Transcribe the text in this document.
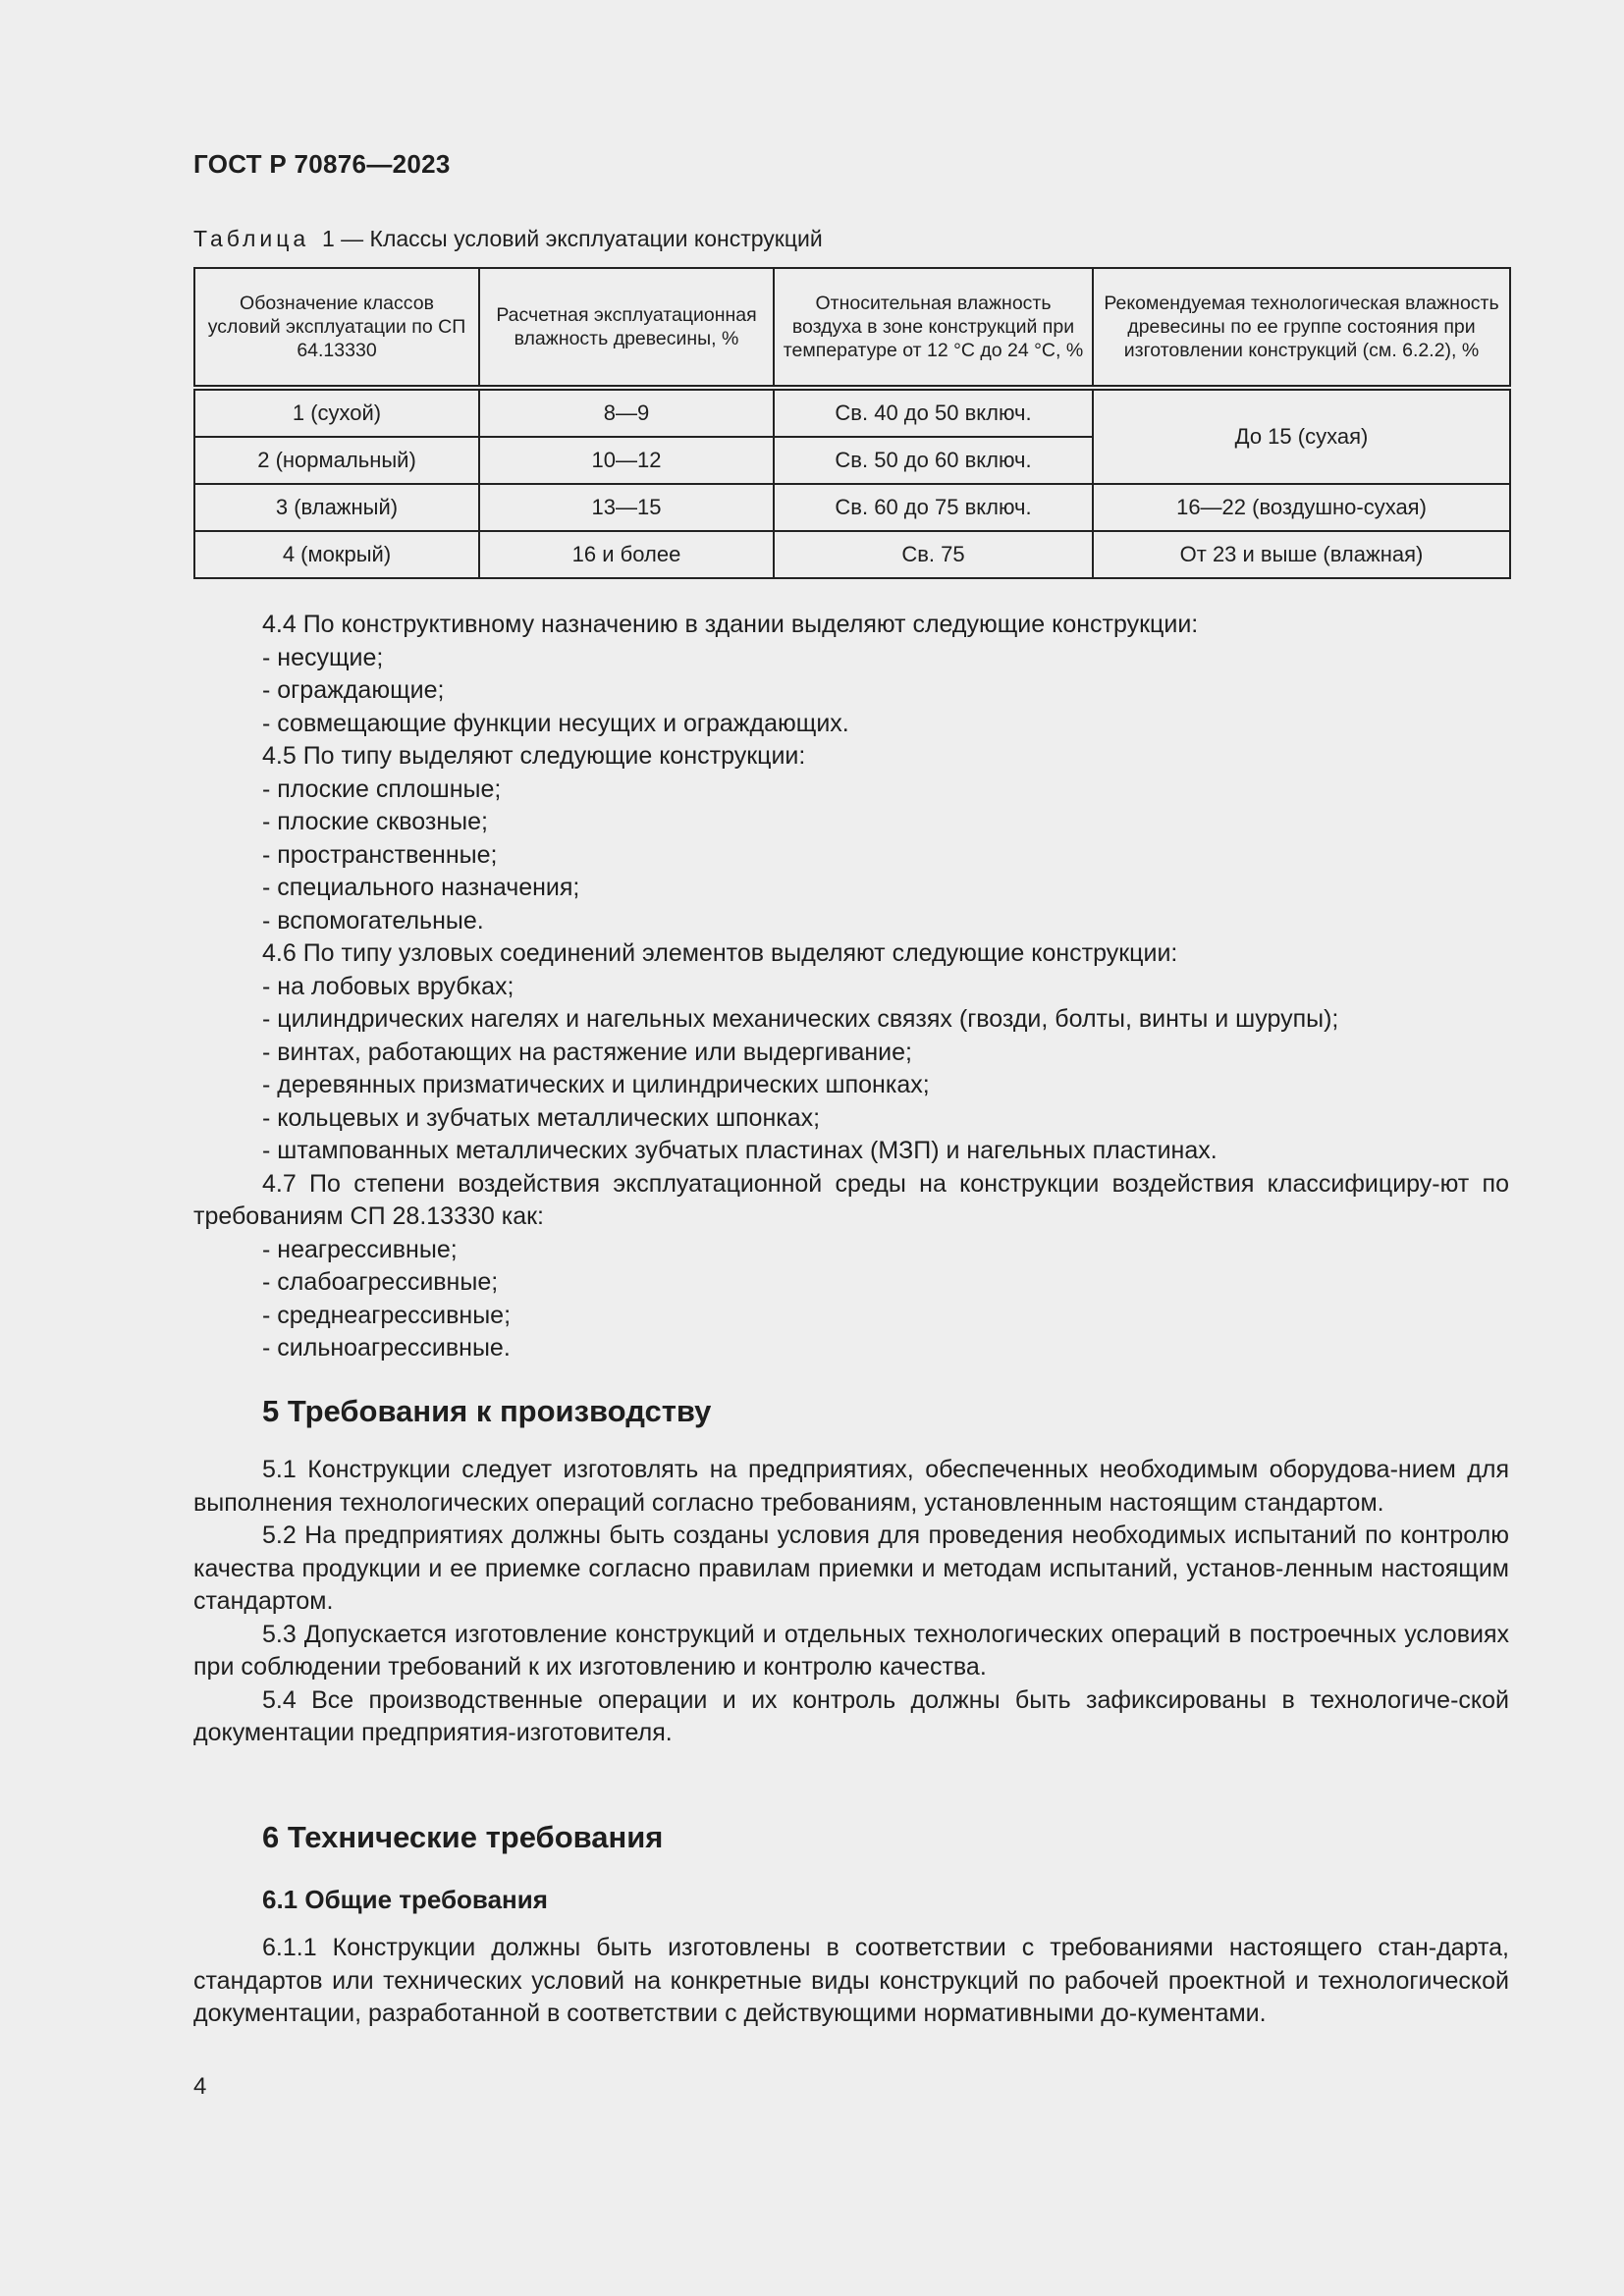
ГОСТ Р 70876—2023
Таблица 1 — Классы условий эксплуатации конструкций
Обозначение классов условий эксплуатации по СП 64.13330	Расчетная эксплуатационная влажность древесины, %	Относительная влажность воздуха в зоне конструкций при температуре от 12 °С до 24 °С, %	Рекомендуемая технологическая влажность древесины по ее группе состояния при изготовлении конструкций (см. 6.2.2), %
1 (сухой)	8—9	Св. 40 до 50 включ.	До 15 (сухая)
2 (нормальный)	10—12	Св. 50 до 60 включ.	
3 (влажный)	13—15	Св. 60 до 75 включ.	16—22 (воздушно-сухая)
4 (мокрый)	16 и более	Св. 75	От 23 и выше (влажная)

4.4 По конструктивному назначению в здании выделяют следующие конструкции:

- несущие;

- ограждающие;

- совмещающие функции несущих и ограждающих.

4.5 По типу выделяют следующие конструкции:

- плоские сплошные;

- плоские сквозные;

- пространственные;

- специального назначения;

- вспомогательные.

4.6 По типу узловых соединений элементов выделяют следующие конструкции:

- на лобовых врубках;

- цилиндрических нагелях и нагельных механических связях (гвозди, болты, винты и шурупы);

- винтах, работающих на растяжение или выдергивание;

- деревянных призматических и цилиндрических шпонках;

- кольцевых и зубчатых металлических шпонках;

- штампованных металлических зубчатых пластинах (МЗП) и нагельных пластинах.

4.7 По степени воздействия эксплуатационной среды на конструкции воздействия классифициру-ют по требованиям СП 28.13330 как:

- неагрессивные;

- слабоагрессивные;

- среднеагрессивные;

- сильноагрессивные.

5 Требования к производству

5.1 Конструкции следует изготовлять на предприятиях, обеспеченных необходимым оборудова-нием для выполнения технологических операций согласно требованиям, установленным настоящим стандартом.

5.2 На предприятиях должны быть созданы условия для проведения необходимых испытаний по контролю качества продукции и ее приемке согласно правилам приемки и методам испытаний, установ-ленным настоящим стандартом.

5.3 Допускается изготовление конструкций и отдельных технологических операций в построечных условиях при соблюдении требований к их изготовлению и контролю качества.

5.4 Все производственные операции и их контроль должны быть зафиксированы в технологиче-ской документации предприятия-изготовителя.

6 Технические требования
6.1 Общие требования

6.1.1 Конструкции должны быть изготовлены в соответствии с требованиями настоящего стан-дарта, стандартов или технических условий на конкретные виды конструкций по рабочей проектной и технологической документации, разработанной в соответствии с действующими нормативными до-кументами.

4
